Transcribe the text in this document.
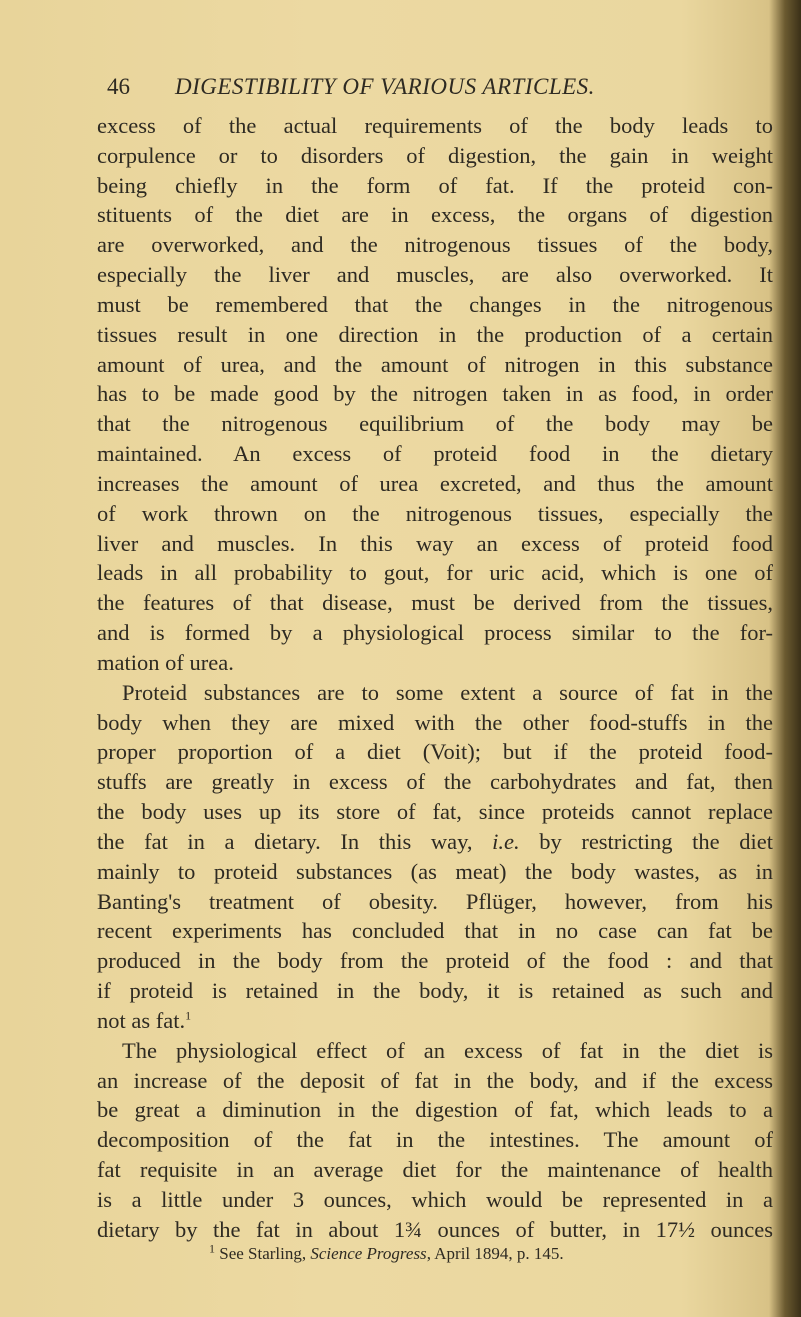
46 DIGESTIBILITY OF VARIOUS ARTICLES.
excess of the actual requirements of the body leads to
corpulence or to disorders of digestion, the gain in weight
being chiefly in the form of fat. If the proteid con-
stituents of the diet are in excess, the organs of digestion
are overworked, and the nitrogenous tissues of the body,
especially the liver and muscles, are also overworked. It
must be remembered that the changes in the nitrogenous
tissues result in one direction in the production of a certain
amount of urea, and the amount of nitrogen in this substance
has to be made good by the nitrogen taken in as food, in order
that the nitrogenous equilibrium of the body may be
maintained. An excess of proteid food in the dietary
increases the amount of urea excreted, and thus the amount
of work thrown on the nitrogenous tissues, especially the
liver and muscles. In this way an excess of proteid food
leads in all probability to gout, for uric acid, which is one of
the features of that disease, must be derived from the tissues,
and is formed by a physiological process similar to the for-
mation of urea.
Proteid substances are to some extent a source of fat in the
body when they are mixed with the other food-stuffs in the
proper proportion of a diet (Voit); but if the proteid food-
stuffs are greatly in excess of the carbohydrates and fat, then
the body uses up its store of fat, since proteids cannot replace
the fat in a dietary. In this way, i.e. by restricting the diet
mainly to proteid substances (as meat) the body wastes, as in
Banting's treatment of obesity. Pflüger, however, from his
recent experiments has concluded that in no case can fat be
produced in the body from the proteid of the food : and that
if proteid is retained in the body, it is retained as such and
not as fat.$^1$
The physiological effect of an excess of fat in the diet is
an increase of the deposit of fat in the body, and if the excess
be great a diminution in the digestion of fat, which leads to a
decomposition of the fat in the intestines. The amount of
fat requisite in an average diet for the maintenance of health
is a little under 3 ounces, which would be represented in a
dietary by the fat in about 1¾ ounces of butter, in 17½ ounces
$^1$ See Starling, Science Progress, April 1894, p. 145.
